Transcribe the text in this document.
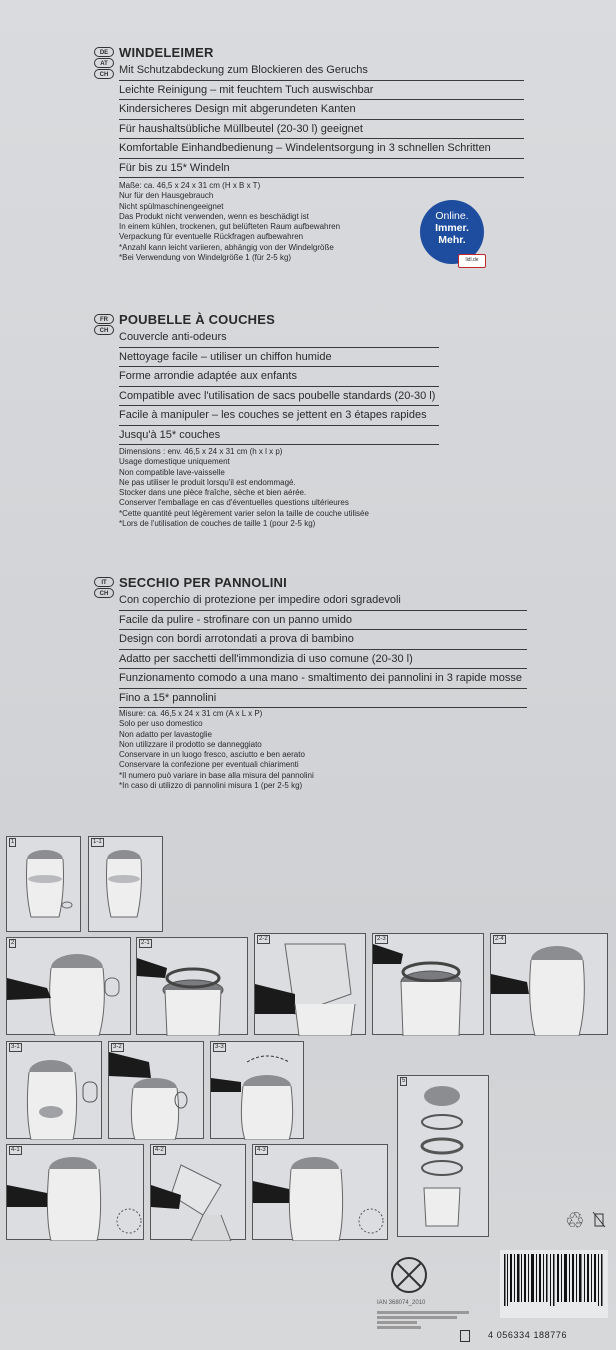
DE
AT
CH
WINDELEIMER
Mit Schutzabdeckung zum Blockieren des Geruchs
Leichte Reinigung – mit feuchtem Tuch auswischbar
Kindersicheres Design mit abgerundeten Kanten
Für haushaltsübliche Müllbeutel (20-30 l) geeignet
Komfortable Einhandbedienung – Windelentsorgung in 3 schnellen Schritten
Für bis zu 15* Windeln
Maße: ca. 46,5 x 24 x 31 cm (H x B x T)
Nur für den Hausgebrauch
Nicht spülmaschinengeeignet
Das Produkt nicht verwenden, wenn es beschädigt ist
In einem kühlen, trockenen, gut belüfteten Raum aufbewahren
Verpackung für eventuelle Rückfragen aufbewahren
*Anzahl kann leicht variieren, abhängig von der Windelgröße
*Bei Verwendung von Windelgröße 1 (für 2-5 kg)
Online.
Immer.
Mehr.
lidl.de
FR
CH
POUBELLE À COUCHES
Couvercle anti-odeurs
Nettoyage facile – utiliser un chiffon humide
Forme arrondie adaptée aux enfants
Compatible avec l'utilisation de sacs poubelle standards (20-30 l)
Facile à manipuler – les couches se jettent en 3 étapes rapides
Jusqu'à 15* couches
Dimensions : env. 46,5 x 24 x 31 cm (h x l x p)
Usage domestique uniquement
Non compatible lave-vaisselle
Ne pas utiliser le produit lorsqu'il est endommagé.
Stocker dans une pièce fraîche, sèche et bien aérée.
Conserver l'emballage en cas d'éventuelles questions ultérieures
*Cette quantité peut légèrement varier selon la taille de couche utilisée
*Lors de l'utilisation de couches de taille 1 (pour 2-5 kg)
IT
CH
SECCHIO PER PANNOLINI
Con coperchio di protezione per impedire odori sgradevoli
Facile da pulire - strofinare con un panno umido
Design con bordi arrotondati a prova di bambino
Adatto per sacchetti dell'immondizia di uso comune (20-30 l)
Funzionamento comodo a una mano - smaltimento dei pannolini in 3 rapide mosse
Fino a 15* pannolini
Misure: ca. 46,5 x 24 x 31 cm (A x L x P)
Solo per uso domestico
Non adatto per lavastoglie
Non utilizzare il prodotto se danneggiato
Conservare in un luogo fresco, asciutto e ben aerato
Conservare la confezione per eventuali chiarimenti
*Il numero può variare in base alla misura del pannolini
*In caso di utilizzo di pannolini misura 1 (per 2-5 kg)
1	1-1
2	2-1
2-2	2-3	2-4
3-1	3-2	3-3
5
4-1	4-2	4-3
♲
IAN 368074_2010
4 056334 188776
